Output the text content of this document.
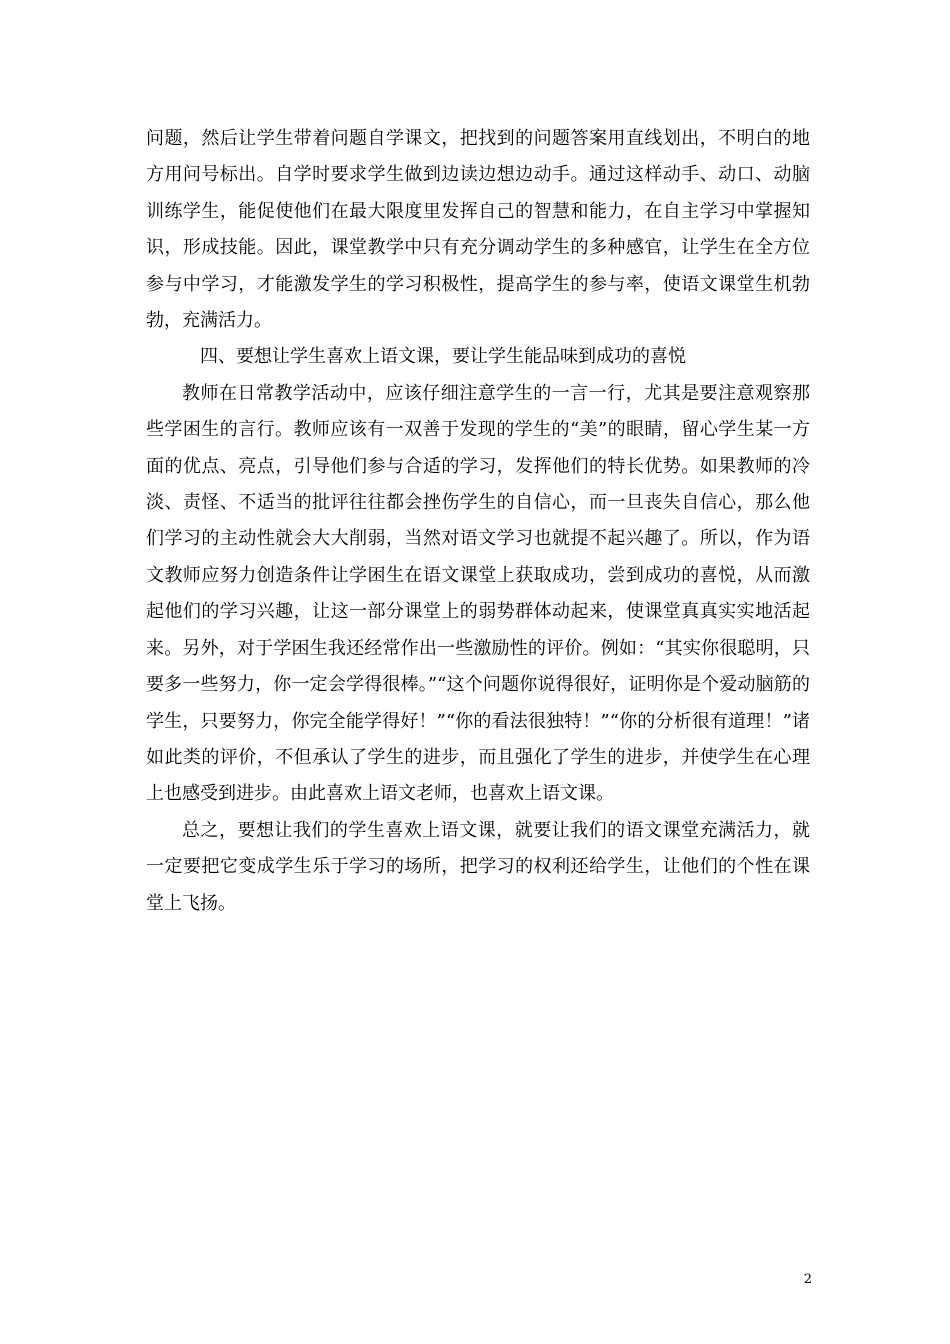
问题，然后让学生带着问题自学课文，把找到的问题答案用直线划出，不明白的地方用问号标出。自学时要求学生做到边读边想边动手。通过这样动手、动口、动脑训练学生，能促使他们在最大限度里发挥自己的智慧和能力，在自主学习中掌握知识，形成技能。因此，课堂教学中只有充分调动学生的多种感官，让学生在全方位参与中学习，才能激发学生的学习积极性，提高学生的参与率，使语文课堂生机勃勃，充满活力。

四、要想让学生喜欢上语文课，要让学生能品味到成功的喜悦

教师在日常教学活动中，应该仔细注意学生的一言一行，尤其是要注意观察那些学困生的言行。教师应该有一双善于发现的学生的“美”的眼睛，留心学生某一方面的优点、亮点，引导他们参与合适的学习，发挥他们的特长优势。如果教师的冷淡、责怪、不适当的批评往往都会挫伤学生的自信心，而一旦丧失自信心，那么他们学习的主动性就会大大削弱，当然对语文学习也就提不起兴趣了。所以，作为语文教师应努力创造条件让学困生在语文课堂上获取成功，尝到成功的喜悦，从而激起他们的学习兴趣，让这一部分课堂上的弱势群体动起来，使课堂真真实实地活起来。另外，对于学困生我还经常作出一些激励性的评价。例如：“其实你很聪明，只要多一些努力，你一定会学得很棒。”“这个问题你说得很好，证明你是个爱动脑筋的学生，只要努力，你完全能学得好！”“你的看法很独特！”“你的分析很有道理！”诸如此类的评价，不但承认了学生的进步，而且强化了学生的进步，并使学生在心理上也感受到进步。由此喜欢上语文老师，也喜欢上语文课。

总之，要想让我们的学生喜欢上语文课，就要让我们的语文课堂充满活力，就一定要把它变成学生乐于学习的场所，把学习的权利还给学生，让他们的个性在课堂上飞扬。

2
